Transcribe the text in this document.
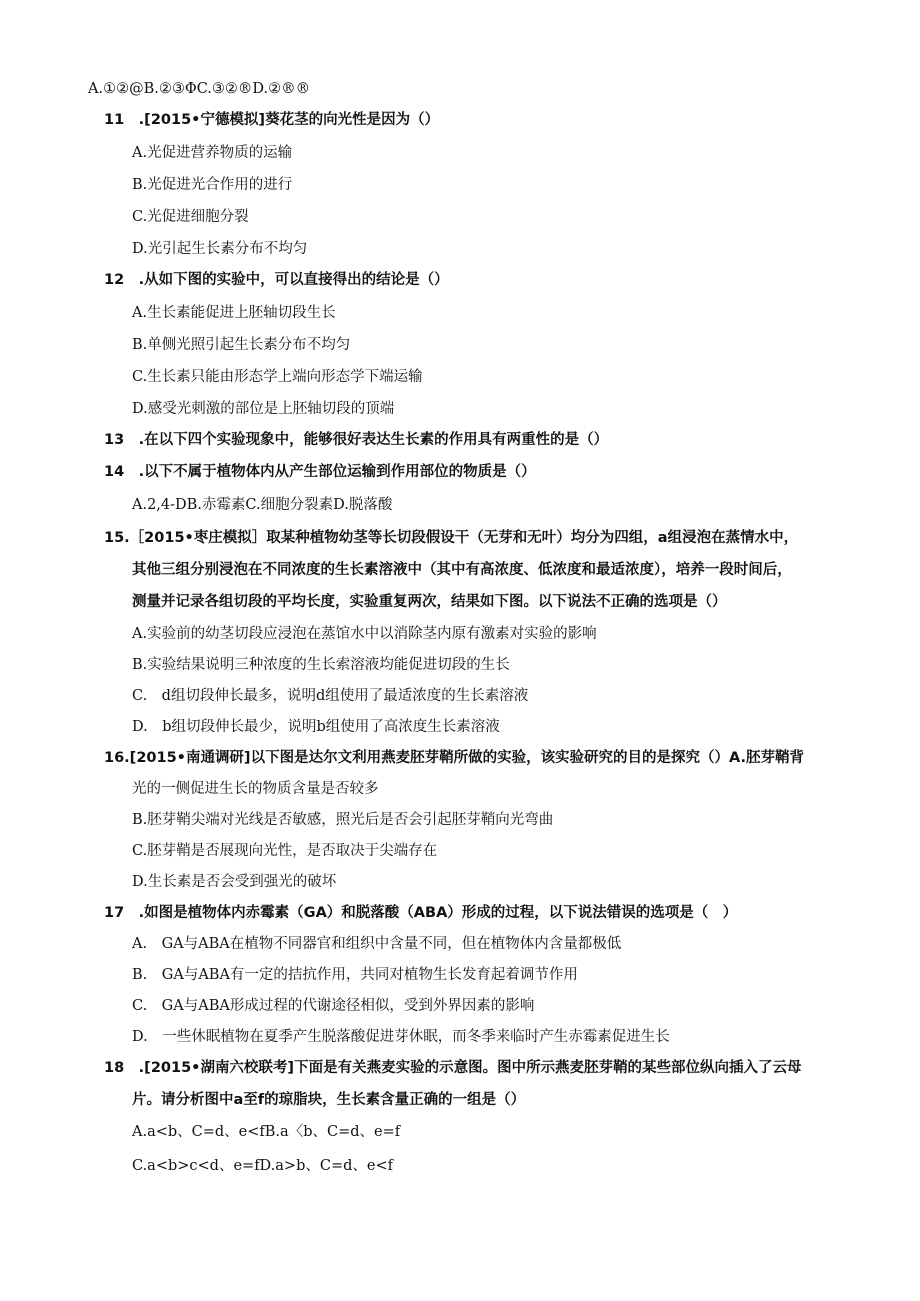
A.①②@B.②③ΦC.③②®D.②®®
11　.[2015•宁德模拟]葵花茎的向光性是因为（）
A.光促进营养物质的运输
B.光促进光合作用的进行
C.光促进细胞分裂
D.光引起生长素分布不均匀
12　.从如下图的实验中，可以直接得出的结论是（）
A.生长素能促进上胚轴切段生长
B.单侧光照引起生长素分布不均匀
C.生长素只能由形态学上端向形态学下端运输
D.感受光刺激的部位是上胚轴切段的顶端
13　.在以下四个实验现象中，能够很好表达生长素的作用具有两重性的是（）
14　.以下不属于植物体内从产生部位运输到作用部位的物质是（）
A.2,4-DB.赤霉素C.细胞分裂素D.脱落酸
15.［2015•枣庄模拟］取某种植物幼茎等长切段假设干（无芽和无叶）均分为四组，a组浸泡在蒸情水中，
其他三组分别浸泡在不同浓度的生长素溶液中（其中有高浓度、低浓度和最适浓度），培养一段时间后，
测量并记录各组切段的平均长度，实验重复两次，结果如下图。以下说法不正确的选项是（）
A.实验前的幼茎切段应浸泡在蒸馆水中以消除茎内原有激素对实验的影响
B.实验结果说明三种浓度的生长索溶液均能促进切段的生长
C.　d组切段伸长最多，说明d组使用了最适浓度的生长素溶液
D.　b组切段伸长最少，说明b组使用了高浓度生长素溶液
16.[2015•南通调研]以下图是达尔文利用燕麦胚芽鞘所做的实验，该实验研究的目的是探究（）A.胚芽鞘背
光的一侧促进生长的物质含量是否较多
B.胚芽鞘尖端对光线是否敏感，照光后是否会引起胚芽鞘向光弯曲
C.胚芽鞘是否展现向光性，是否取决于尖端存在
D.生长素是否会受到强光的破坏
17　.如图是植物体内赤霉素（GA）和脱落酸（ABA）形成的过程，以下说法错误的选项是（　）
A.　GA与ABA在植物不同器官和组织中含量不同，但在植物体内含量都极低
B.　GA与ABA有一定的拮抗作用，共同对植物生长发育起着调节作用
C.　GA与ABA形成过程的代谢途径相似，受到外界因素的影响
D.　一些休眠植物在夏季产生脱落酸促进芽休眠，而冬季来临时产生赤霉素促进生长
18　.[2015•湖南六校联考]下面是有关燕麦实验的示意图。图中所示燕麦胚芽鞘的某些部位纵向插入了云母
片。请分析图中a至f的琼脂块，生长素含量正确的一组是（）
A.a<b、C=d、e<fB.a〈b、C=d、e=f
C.a<b>c<d、e=fD.a>b、C=d、e<f
